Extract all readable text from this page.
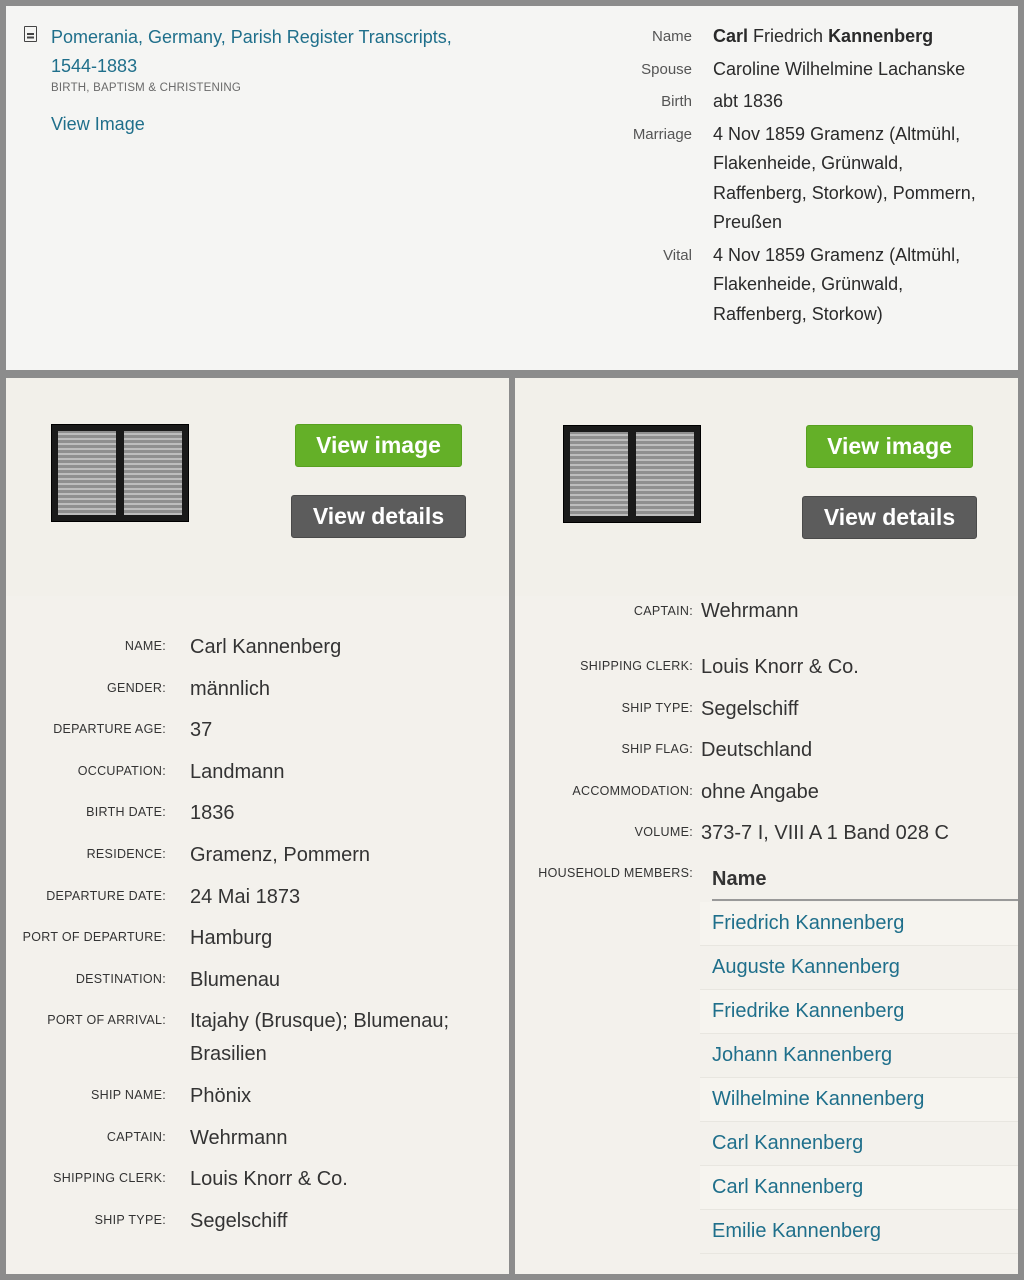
Pomerania, Germany, Parish Register Transcripts, 1544-1883
BIRTH, BAPTISM & CHRISTENING
View Image
Name Carl Friedrich Kannenberg
Spouse Caroline Wilhelmine Lachanske
Birth abt 1836
Marriage 4 Nov 1859 Gramenz (Altmühl, Flakenheide, Grünwald, Raffenberg, Storkow), Pommern, Preußen
Vital 4 Nov 1859 Gramenz (Altmühl, Flakenheide, Grünwald, Raffenberg, Storkow)
View image
View details
NAME: Carl Kannenberg
GENDER: männlich
DEPARTURE AGE: 37
OCCUPATION: Landmann
BIRTH DATE: 1836
RESIDENCE: Gramenz, Pommern
DEPARTURE DATE: 24 Mai 1873
PORT OF DEPARTURE: Hamburg
DESTINATION: Blumenau
PORT OF ARRIVAL: Itajahy (Brusque); Blumenau; Brasilien
SHIP NAME: Phönix
CAPTAIN: Wehrmann
SHIPPING CLERK: Louis Knorr & Co.
SHIP TYPE: Segelschiff
View image
View details
CAPTAIN: Wehrmann
SHIPPING CLERK: Louis Knorr & Co.
SHIP TYPE: Segelschiff
SHIP FLAG: Deutschland
ACCOMMODATION: ohne Angabe
VOLUME: 373-7 I, VIII A 1 Band 028 C
HOUSEHOLD MEMBERS: Name
Friedrich Kannenberg
Auguste Kannenberg
Friedrike Kannenberg
Johann Kannenberg
Wilhelmine Kannenberg
Carl Kannenberg
Carl Kannenberg
Emilie Kannenberg
